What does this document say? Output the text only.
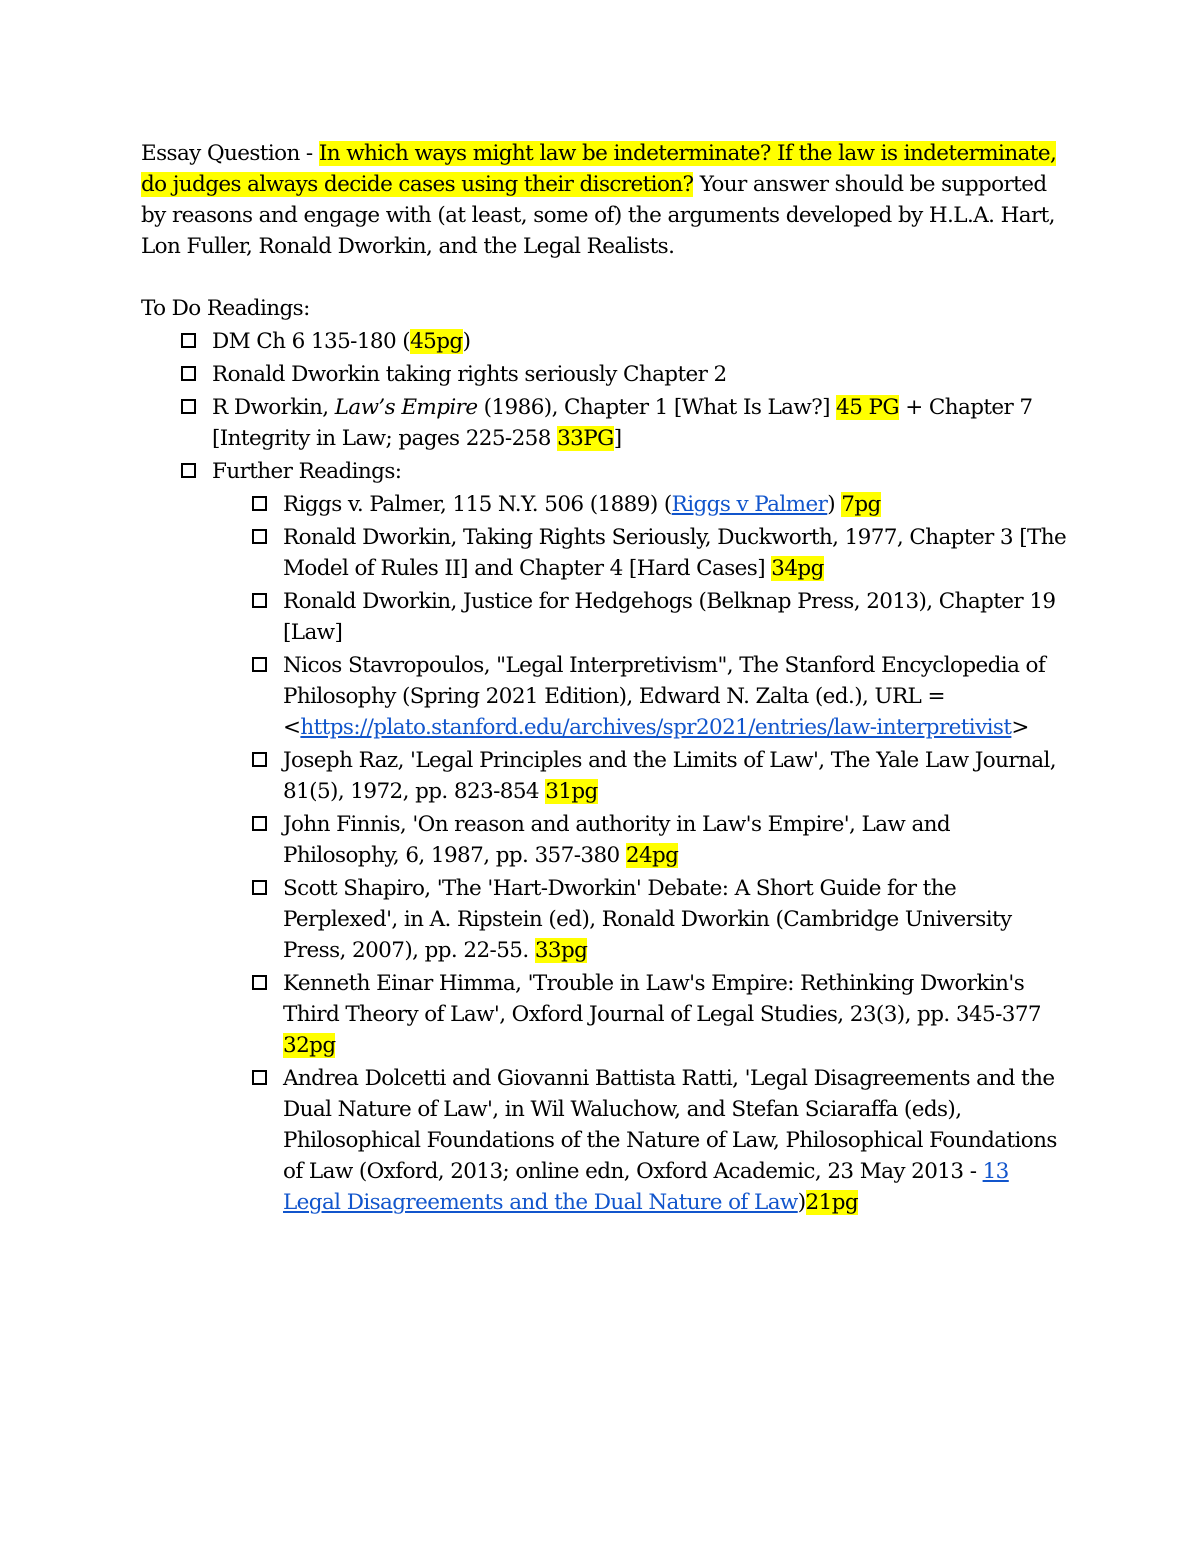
Essay Question - In which ways might law be indeterminate? If the law is indeterminate, do judges always decide cases using their discretion? Your answer should be supported by reasons and engage with (at least, some of) the arguments developed by H.L.A. Hart, Lon Fuller, Ronald Dworkin, and the Legal Realists.

To Do Readings:

DM Ch 6 135-180 (45pg)
Ronald Dworkin taking rights seriously Chapter 2
R Dworkin, Law’s Empire (1986), Chapter 1 [What Is Law?] 45 PG + Chapter 7 [Integrity in Law; pages 225-258 33PG]
Further Readings:
Riggs v. Palmer, 115 N.Y. 506 (1889) (Riggs v Palmer) 7pg
Ronald Dworkin, Taking Rights Seriously, Duckworth, 1977, Chapter 3 [The Model of Rules II] and Chapter 4 [Hard Cases] 34pg
Ronald Dworkin, Justice for Hedgehogs (Belknap Press, 2013), Chapter 19 [Law]
Nicos Stavropoulos, "Legal Interpretivism", The Stanford Encyclopedia of Philosophy (Spring 2021 Edition), Edward N. Zalta (ed.), URL = <https://plato.stanford.edu/archives/spr2021/entries/law-interpretivist>
Joseph Raz, 'Legal Principles and the Limits of Law', The Yale Law Journal, 81(5), 1972, pp. 823-854 31pg
John Finnis, 'On reason and authority in Law's Empire', Law and Philosophy, 6, 1987, pp. 357-380 24pg
Scott Shapiro, 'The 'Hart-Dworkin' Debate: A Short Guide for the Perplexed', in A. Ripstein (ed), Ronald Dworkin (Cambridge University Press, 2007), pp. 22-55. 33pg
Kenneth Einar Himma, 'Trouble in Law's Empire: Rethinking Dworkin's Third Theory of Law', Oxford Journal of Legal Studies, 23(3), pp. 345-377 32pg
Andrea Dolcetti and Giovanni Battista Ratti, 'Legal Disagreements and the Dual Nature of Law', in Wil Waluchow, and Stefan Sciaraffa (eds), Philosophical Foundations of the Nature of Law, Philosophical Foundations of Law (Oxford, 2013; online edn, Oxford Academic, 23 May 2013 - 13 Legal Disagreements and the Dual Nature of Law)21pg
